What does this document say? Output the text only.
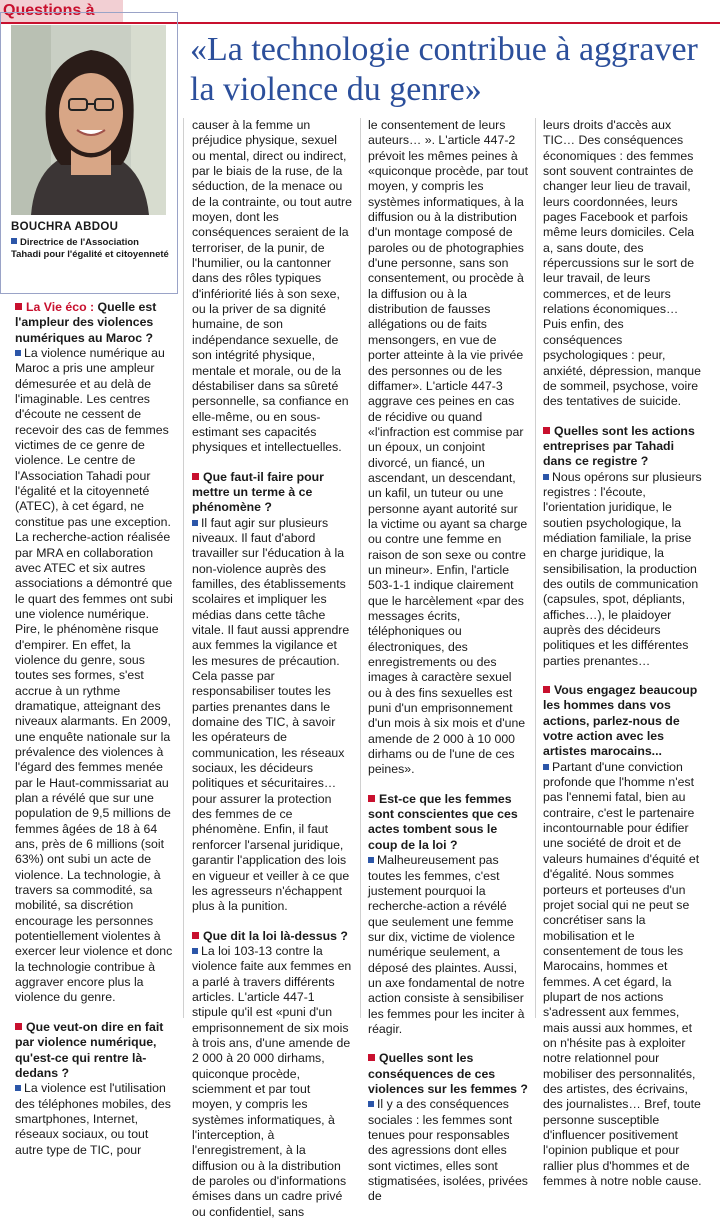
Questions à
BOUCHRA ABDOU
Directrice de l'Association Tahadi pour l'égalité et citoyenneté
«La technologie contribue à aggraver la violence du genre»

La Vie éco : Quelle est l'ampleur des violences numériques au Maroc ?

La violence numérique au Maroc a pris une ampleur démesurée et au delà de l'imaginable. Les centres d'écoute ne cessent de recevoir des cas de femmes victimes de ce genre de violence. Le centre de l'Association Tahadi pour l'égalité et la citoyenneté (ATEC), à cet égard, ne constitue pas une exception. La recherche-action réalisée par MRA en collaboration avec ATEC et six autres associations a démontré que le quart des femmes ont subi une violence numérique. Pire, le phénomène risque d'empirer. En effet, la violence du genre, sous toutes ses formes, s'est accrue à un rythme dramatique, atteignant des niveaux alarmants. En 2009, une enquête nationale sur la prévalence des violences à l'égard des femmes menée par le Haut-commissariat au plan a révélé que sur une population de 9,5 millions de femmes âgées de 18 à 64 ans, près de 6 millions (soit 63%) ont subi un acte de violence. La technologie, à travers sa commodité, sa mobilité, sa discrétion encourage les personnes potentiellement violentes à exercer leur violence et donc la technologie contribue à aggraver encore plus la violence du genre.

Que veut-on dire en fait par violence numérique, qu'est-ce qui rentre là-dedans ?

La violence est l'utilisation des téléphones mobiles, des smartphones, Internet, réseaux sociaux, ou tout autre type de TIC, pour

causer à la femme un préjudice physique, sexuel ou mental, direct ou indirect, par le biais de la ruse, de la séduction, de la menace ou de la contrainte, ou tout autre moyen, dont les conséquences seraient de la terroriser, de la punir, de l'humilier, ou la cantonner dans des rôles typiques d'infériorité liés à son sexe, ou la priver de sa dignité humaine, de son indépendance sexuelle, de son intégrité physique, mentale et morale, ou de la déstabiliser dans sa sûreté personnelle, sa confiance en elle-même, ou en sous-estimant ses capacités physiques et intellectuelles.

Que faut-il faire pour mettre un terme à ce phénomène ?

Il faut agir sur plusieurs niveaux. Il faut d'abord travailler sur l'éducation à la non-violence auprès des familles, des établissements scolaires et impliquer les médias dans cette tâche vitale. Il faut aussi apprendre aux femmes la vigilance et les mesures de précaution. Cela passe par responsabiliser toutes les parties prenantes dans le domaine des TIC, à savoir les opérateurs de communication, les réseaux sociaux, les décideurs politiques et sécuritaires… pour assurer la protection des femmes de ce phénomène. Enfin, il faut renforcer l'arsenal juridique, garantir l'application des lois en vigueur et veiller à ce que les agresseurs n'échappent plus à la punition.

Que dit la loi là-dessus ?

La loi 103-13 contre la violence faite aux femmes en a parlé à travers différents articles. L'article 447-1 stipule qu'il est «puni d'un emprisonnement de six mois à trois ans, d'une amende de 2 000 à 20 000 dirhams, quiconque procède, sciemment et par tout moyen, y compris les systèmes informatiques, à l'interception, à l'enregistrement, à la diffusion ou à la distribution de paroles ou d'informations émises dans un cadre privé ou confidentiel, sans

le consentement de leurs auteurs… ». L'article 447-2 prévoit les mêmes peines à «quiconque procède, par tout moyen, y compris les systèmes informatiques, à la diffusion ou à la distribution d'un montage composé de paroles ou de photographies d'une personne, sans son consentement, ou procède à la diffusion ou à la distribution de fausses allégations ou de faits mensongers, en vue de porter atteinte à la vie privée des personnes ou de les diffamer». L'article 447-3 aggrave ces peines en cas de récidive ou quand «l'infraction est commise par un époux, un conjoint divorcé, un fiancé, un ascendant, un descendant, un kafil, un tuteur ou une personne ayant autorité sur la victime ou ayant sa charge ou contre une femme en raison de son sexe ou contre un mineur». Enfin, l'article 503-1-1 indique clairement que le harcèlement «par des messages écrits, téléphoniques ou électroniques, des enregistrements ou des images à caractère sexuel ou à des fins sexuelles est puni d'un emprisonnement d'un mois à six mois et d'une amende de 2 000 à 10 000 dirhams ou de l'une de ces peines».

Est-ce que les femmes sont conscientes que ces actes tombent sous le coup de la loi ?

Malheureusement pas toutes les femmes, c'est justement pourquoi la recherche-action a révélé que seulement une femme sur dix, victime de violence numérique seulement, a déposé des plaintes. Aussi, un axe fondamental de notre action consiste à sensibiliser les femmes pour les inciter à réagir.

Quelles sont les conséquences de ces violences sur les femmes ?

Il y a des conséquences sociales : les femmes sont tenues pour responsables des agressions dont elles sont victimes, elles sont stigmatisées, isolées, privées de

leurs droits d'accès aux TIC… Des conséquences économiques : des femmes sont souvent contraintes de changer leur lieu de travail, leurs coordonnées, leurs pages Facebook et parfois même leurs domiciles. Cela a, sans doute, des répercussions sur le sort de leur travail, de leurs commerces, et de leurs relations économiques… Puis enfin, des conséquences psychologiques : peur, anxiété, dépression, manque de sommeil, psychose, voire des tentatives de suicide.

Quelles sont les actions entreprises par Tahadi dans ce registre ?

Nous opérons sur plusieurs registres : l'écoute, l'orientation juridique, le soutien psychologique, la médiation familiale, la prise en charge juridique, la sensibilisation, la production des outils de communication (capsules, spot, dépliants, affiches…), le plaidoyer auprès des décideurs politiques et les différentes parties prenantes…

Vous engagez beaucoup les hommes dans vos actions, parlez-nous de votre action avec les artistes marocains...

Partant d'une conviction profonde que l'homme n'est pas l'ennemi fatal, bien au contraire, c'est le partenaire incontournable pour édifier une société de droit et de valeurs humaines d'équité et d'égalité. Nous sommes porteurs et porteuses d'un projet social qui ne peut se concrétiser sans la mobilisation et le consentement de tous les Marocains, hommes et femmes. A cet égard, la plupart de nos actions s'adressent aux femmes, mais aussi aux hommes, et on n'hésite pas à exploiter notre relationnel pour mobiliser des personnalités, des artistes, des écrivains, des journalistes… Bref, toute personne susceptible d'influencer positivement l'opinion publique et pour rallier plus d'hommes et de femmes à notre noble cause.
